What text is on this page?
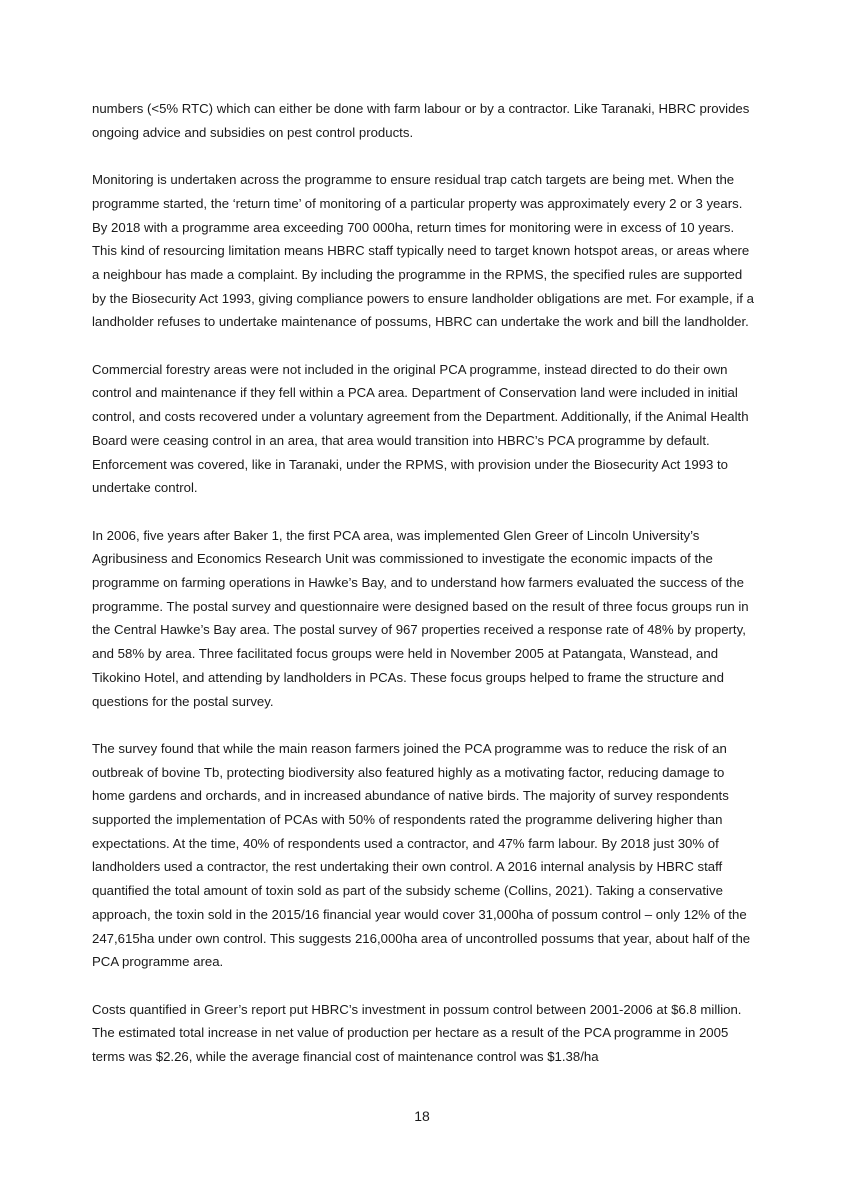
numbers (<5% RTC) which can either be done with farm labour or by a contractor. Like Taranaki, HBRC provides ongoing advice and subsidies on pest control products.

Monitoring is undertaken across the programme to ensure residual trap catch targets are being met. When the programme started, the ‘return time’ of monitoring of a particular property was approximately every 2 or 3 years. By 2018 with a programme area exceeding 700 000ha, return times for monitoring were in excess of 10 years. This kind of resourcing limitation means HBRC staff typically need to target known hotspot areas, or areas where a neighbour has made a complaint. By including the programme in the RPMS, the specified rules are supported by the Biosecurity Act 1993, giving compliance powers to ensure landholder obligations are met. For example, if a landholder refuses to undertake maintenance of possums, HBRC can undertake the work and bill the landholder.

Commercial forestry areas were not included in the original PCA programme, instead directed to do their own control and maintenance if they fell within a PCA area. Department of Conservation land were included in initial control, and costs recovered under a voluntary agreement from the Department. Additionally, if the Animal Health Board were ceasing control in an area, that area would transition into HBRC’s PCA programme by default. Enforcement was covered, like in Taranaki, under the RPMS, with provision under the Biosecurity Act 1993 to undertake control.

In 2006, five years after Baker 1, the first PCA area, was implemented Glen Greer of Lincoln University’s Agribusiness and Economics Research Unit was commissioned to investigate the economic impacts of the programme on farming operations in Hawke’s Bay, and to understand how farmers evaluated the success of the programme. The postal survey and questionnaire were designed based on the result of three focus groups run in the Central Hawke’s Bay area. The postal survey of 967 properties received a response rate of 48% by property, and 58% by area. Three facilitated focus groups were held in November 2005 at Patangata, Wanstead, and Tikokino Hotel, and attending by landholders in PCAs. These focus groups helped to frame the structure and questions for the postal survey.

The survey found that while the main reason farmers joined the PCA programme was to reduce the risk of an outbreak of bovine Tb, protecting biodiversity also featured highly as a motivating factor, reducing damage to home gardens and orchards, and in increased abundance of native birds. The majority of survey respondents supported the implementation of PCAs with 50% of respondents rated the programme delivering higher than expectations. At the time, 40% of respondents used a contractor, and 47% farm labour. By 2018 just 30% of landholders used a contractor, the rest undertaking their own control. A 2016 internal analysis by HBRC staff quantified the total amount of toxin sold as part of the subsidy scheme (Collins, 2021). Taking a conservative approach, the toxin sold in the 2015/16 financial year would cover 31,000ha of possum control – only 12% of the 247,615ha under own control. This suggests 216,000ha area of uncontrolled possums that year, about half of the PCA programme area.

Costs quantified in Greer’s report put HBRC’s investment in possum control between 2001-2006 at $6.8 million. The estimated total increase in net value of production per hectare as a result of the PCA programme in 2005 terms was $2.26, while the average financial cost of maintenance control was $1.38/ha

18
